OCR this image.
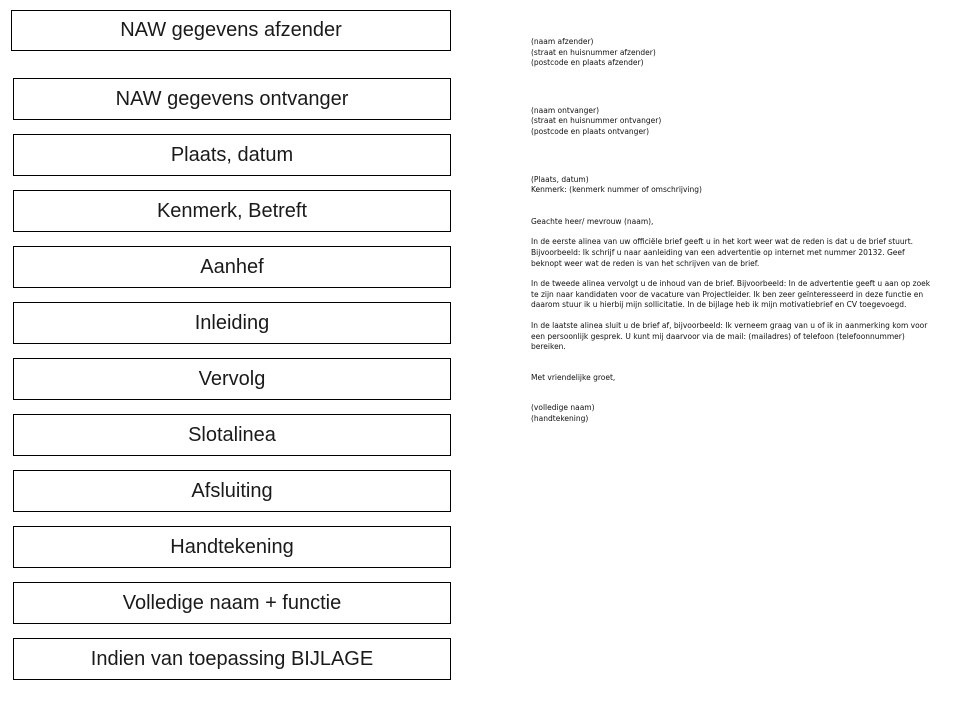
NAW gegevens afzender
NAW gegevens ontvanger
Plaats, datum
Kenmerk, Betreft
Aanhef
Inleiding
Vervolg
Slotalinea
Afsluiting
Handtekening
Volledige naam + functie
Indien van toepassing BIJLAGE
(naam afzender)
(straat en huisnummer afzender)
(postcode en plaats afzender)
(naam ontvanger)
(straat en huisnummer ontvanger)
(postcode en plaats ontvanger)
(Plaats, datum)
Kenmerk: (kenmerk nummer of omschrijving)

Geachte heer/ mevrouw (naam),

In de eerste alinea van uw officiële brief geeft u in het kort weer wat de reden is dat u de brief stuurt. Bijvoorbeeld: Ik schrijf u naar aanleiding van een advertentie op internet met nummer 20132. Geef beknopt weer wat de reden is van het schrijven van de brief.

In de tweede alinea vervolgt u de inhoud van de brief. Bijvoorbeeld: In de advertentie geeft u aan op zoek te zijn naar kandidaten voor de vacature van Projectleider. Ik ben zeer geïnteresseerd in deze functie en daarom stuur ik u hierbij mijn sollicitatie. In de bijlage heb ik mijn motivatiebrief en CV toegevoegd.

In de laatste alinea sluit u de brief af, bijvoorbeeld: Ik verneem graag van u of ik in aanmerking kom voor een persoonlijk gesprek. U kunt mij daarvoor via de mail: (mailadres) of telefoon (telefoonnummer) bereiken.

Met vriendelijke groet,

(volledige naam)
(handtekening)
